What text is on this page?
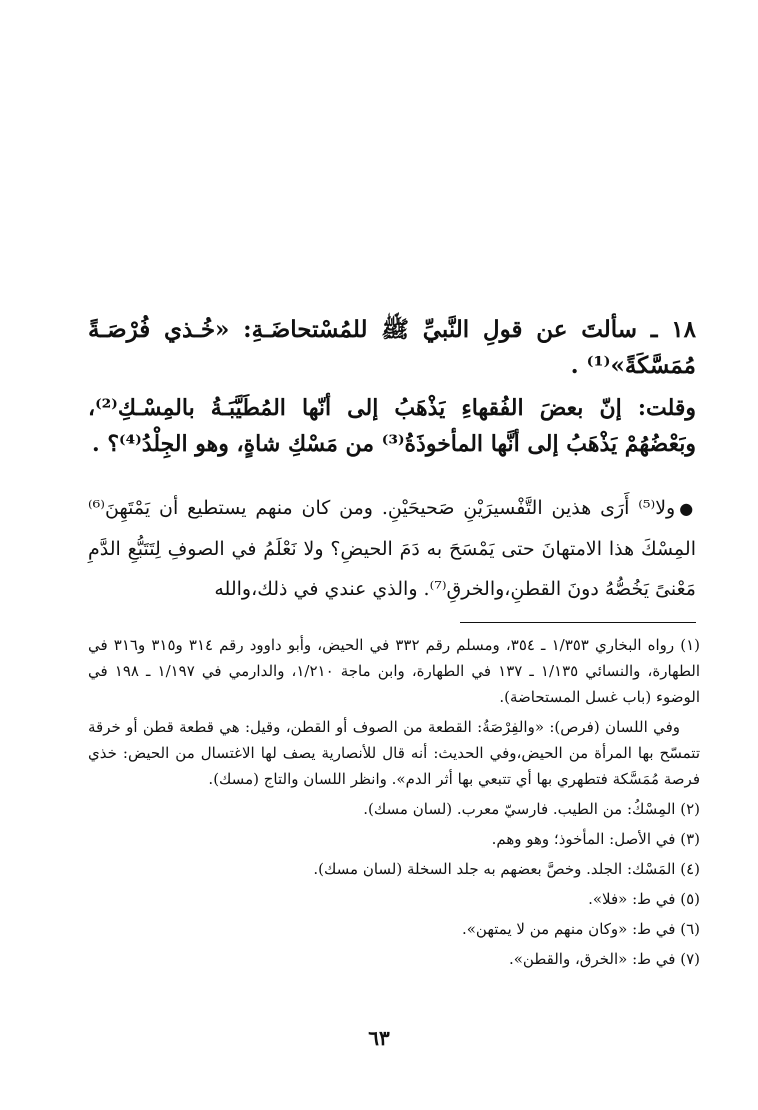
١٨ ـ سألتَ عن قولِ النَّبيِّ ﷺ للمُسْتحاضَـةِ: «خُـذي فُرْصَـةً مُمَسَّكَةً»⁽¹⁾ .

وقلت: إنّ بعضَ الفُقهاءِ يَذْهَبُ إلى أنّها المُطَيَّبَـةُ بالمِسْـكِ⁽²⁾، وبَعْضُهُمْ يَذْهَبُ إلى أنَّها المأخوذَةُ⁽³⁾ من مَسْكِ شاةٍ، وهو الجِلْدُ⁽⁴⁾؟ .

●ولا⁽⁵⁾ أَرَى هذين التَّفْسيرَيْنِ صَحيحَيْنِ. ومن كان منهم يستطيع أن يَمْتَهِنَ⁽⁶⁾ المِسْكَ هذا الامتهانَ حتى يَمْسَحَ به دَمَ الحيضِ؟ ولا نَعْلَمُ في الصوفِ لِتَتَبُّعِ الدَّمِ مَعْنىً يَخُصُّهُ دونَ القطنِ،والخرقِ⁽⁷⁾. والذي عندي في ذلك،والله

(١) رواه البخاري ١/٣٥٣ ـ ٣٥٤، ومسلم رقم ٣٣٢ في الحيض، وأبو داوود رقم ٣١٤ و٣١٥ و٣١٦ في الطهارة، والنسائي ١/١٣٥ ـ ١٣٧ في الطهارة، وابن ماجة ١/٢١٠، والدارمي في ١/١٩٧ ـ ١٩٨ في الوضوء (باب غسل المستحاضة).

وفي اللسان (فرص): «والفِرْصَةُ: القطعة من الصوف أو القطن، وقيل: هي قطعة قطن أو خرقة تتمسّح بها المرأة من الحيض،وفي الحديث: أنه قال للأنصارية يصف لها الاغتسال من الحيض: خذي فرصة مُمَسَّكة فتطهري بها أي تتبعي بها أثر الدم». وانظر اللسان والتاج (مسك).

(٢) المِسْكُ: من الطيب. فارسيّ معرب. (لسان مسك).

(٣) في الأصل: المأخوذ؛ وهو وهم.

(٤) المَسْك: الجلد. وخصَّ بعضهم به جلد السخلة (لسان مسك).

(٥) في ط: «فلا».

(٦) في ط: «وكان منهم من لا يمتهن».

(٧) في ط: «الخرق، والقطن».

٦٣
